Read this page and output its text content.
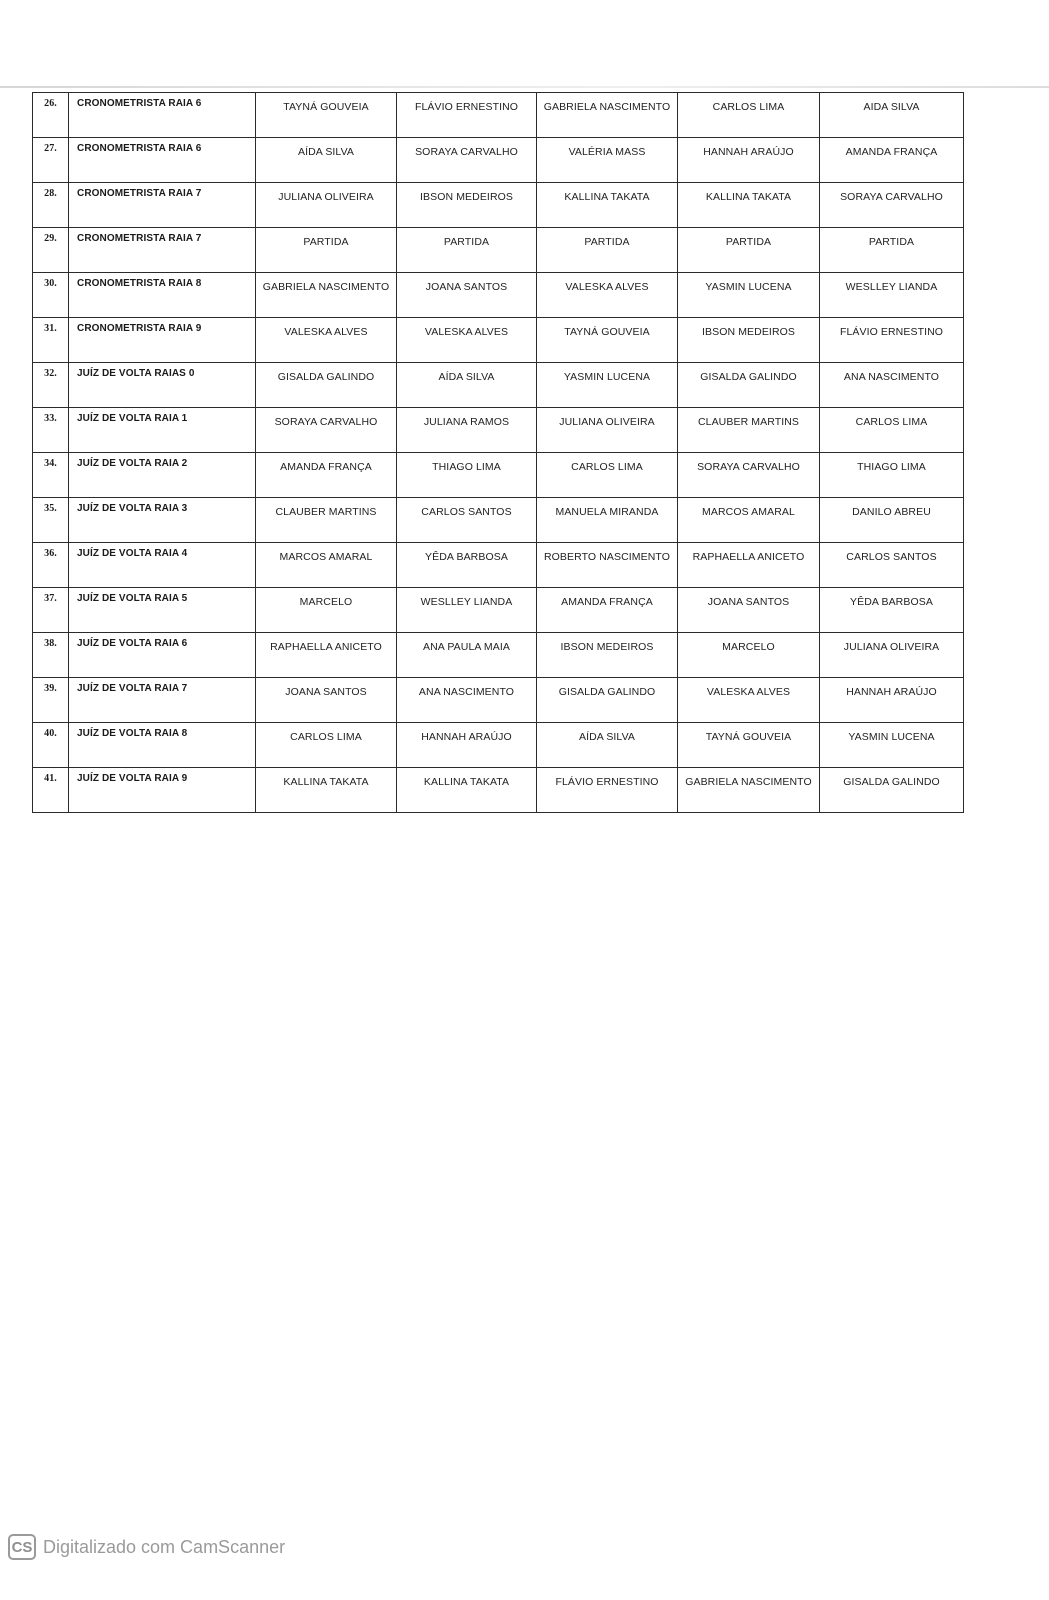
26.	CRONOMETRISTA RAIA 6	TAYNÁ GOUVEIA	FLÁVIO ERNESTINO	GABRIELA NASCIMENTO	CARLOS LIMA	AIDA SILVA
27.	CRONOMETRISTA RAIA 6	AÍDA SILVA	SORAYA CARVALHO	VALÉRIA MASS	HANNAH ARAÚJO	AMANDA FRANÇA
28.	CRONOMETRISTA RAIA 7	JULIANA OLIVEIRA	IBSON MEDEIROS	KALLINA TAKATA	KALLINA TAKATA	SORAYA CARVALHO
29.	CRONOMETRISTA RAIA 7	PARTIDA	PARTIDA	PARTIDA	PARTIDA	PARTIDA
30.	CRONOMETRISTA RAIA 8	GABRIELA NASCIMENTO	JOANA SANTOS	VALESKA ALVES	YASMIN LUCENA	WESLLEY LIANDA
31.	CRONOMETRISTA RAIA 9	VALESKA ALVES	VALESKA ALVES	TAYNÁ GOUVEIA	IBSON MEDEIROS	FLÁVIO ERNESTINO
32.	JUÍZ DE VOLTA RAIAS 0	GISALDA GALINDO	AÍDA SILVA	YASMIN LUCENA	GISALDA GALINDO	ANA NASCIMENTO
33.	JUÍZ DE VOLTA RAIA 1	SORAYA CARVALHO	JULIANA RAMOS	JULIANA OLIVEIRA	CLAUBER MARTINS	CARLOS LIMA
34.	JUÍZ DE VOLTA RAIA 2	AMANDA FRANÇA	THIAGO LIMA	CARLOS LIMA	SORAYA CARVALHO	THIAGO LIMA
35.	JUÍZ DE VOLTA RAIA 3	CLAUBER MARTINS	CARLOS SANTOS	MANUELA MIRANDA	MARCOS AMARAL	DANILO ABREU
36.	JUÍZ DE VOLTA RAIA 4	MARCOS AMARAL	YÊDA BARBOSA	ROBERTO NASCIMENTO	RAPHAELLA ANICETO	CARLOS SANTOS
37.	JUÍZ DE VOLTA RAIA 5	MARCELO	WESLLEY LIANDA	AMANDA FRANÇA	JOANA SANTOS	YÊDA BARBOSA
38.	JUÍZ DE VOLTA RAIA 6	RAPHAELLA ANICETO	ANA PAULA MAIA	IBSON MEDEIROS	MARCELO	JULIANA OLIVEIRA
39.	JUÍZ DE VOLTA RAIA 7	JOANA SANTOS	ANA NASCIMENTO	GISALDA GALINDO	VALESKA ALVES	HANNAH ARAÚJO
40.	JUÍZ DE VOLTA RAIA 8	CARLOS LIMA	HANNAH ARAÚJO	AÍDA SILVA	TAYNÁ GOUVEIA	YASMIN LUCENA
41.	JUÍZ DE VOLTA RAIA 9	KALLINA TAKATA	KALLINA TAKATA	FLÁVIO ERNESTINO	GABRIELA NASCIMENTO	GISALDA GALINDO
CS Digitalizado com CamScanner
